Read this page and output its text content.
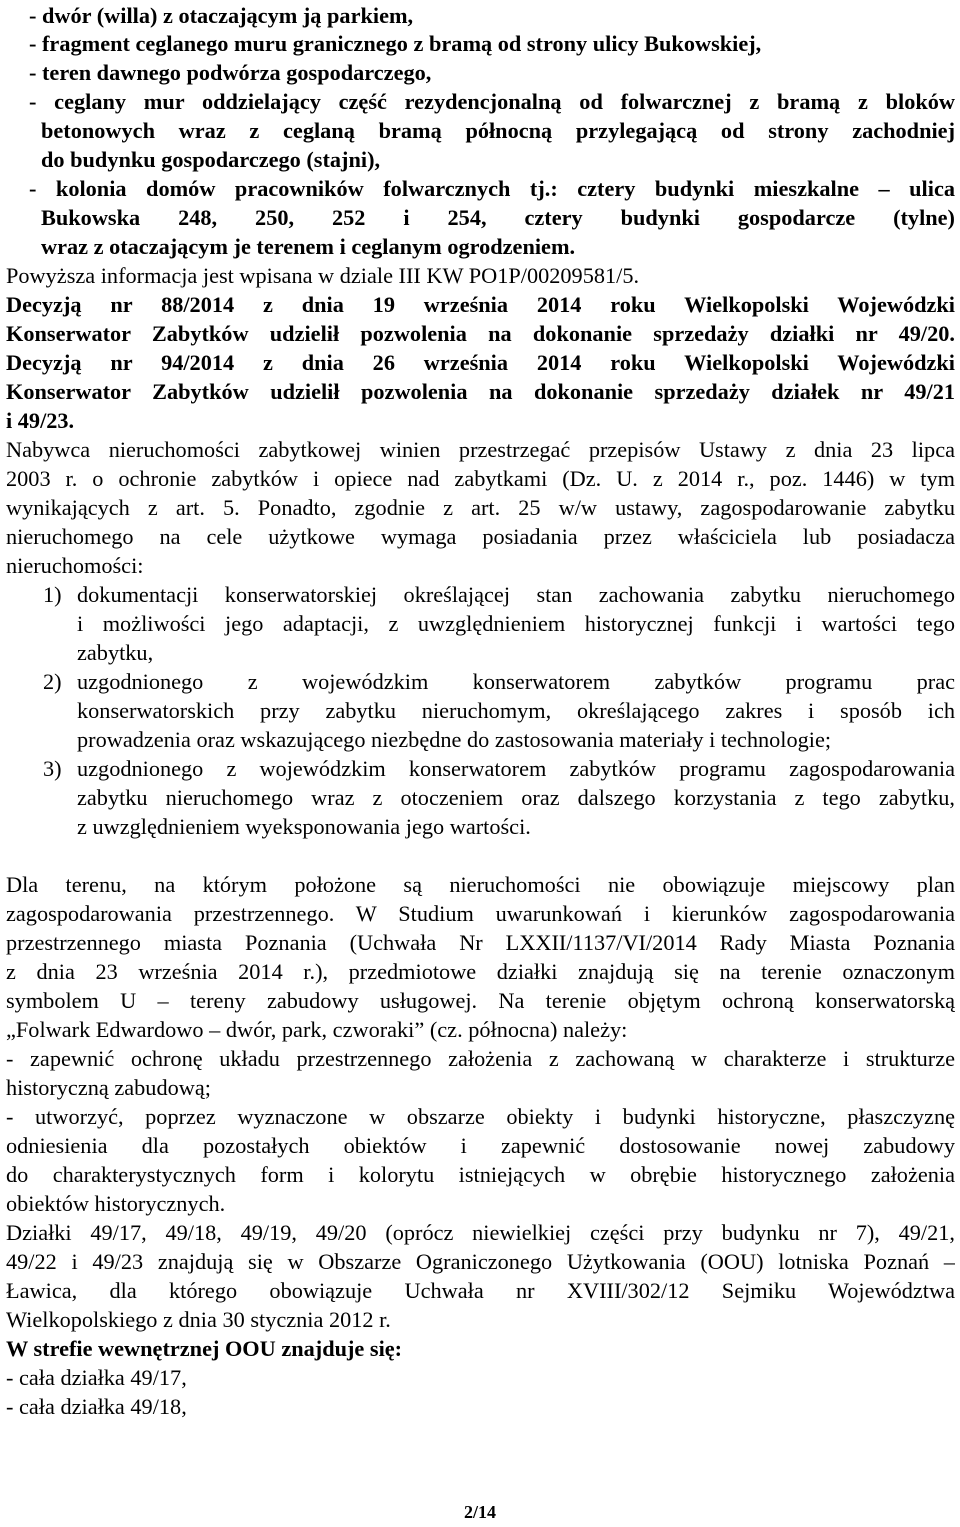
- dwór (willa) z otaczającym ją parkiem,
- fragment ceglanego muru granicznego z bramą od strony ulicy Bukowskiej,
- teren dawnego podwórza gospodarczego,
- ceglany mur oddzielający część rezydencjonalną od folwarcznej z bramą z bloków
betonowych wraz z ceglaną bramą północną przylegającą od strony zachodniej
do budynku gospodarczego (stajni),
- kolonia domów pracowników folwarcznych tj.: cztery budynki mieszkalne – ulica
Bukowska 248, 250, 252 i 254, cztery budynki gospodarcze (tylne)
wraz z otaczającym je terenem i ceglanym ogrodzeniem.
Powyższa informacja jest wpisana w dziale III KW PO1P/00209581/5.
Decyzją nr 88/2014 z dnia 19 września 2014 roku Wielkopolski Wojewódzki
Konserwator Zabytków udzielił pozwolenia na dokonanie sprzedaży działki nr 49/20.
Decyzją nr 94/2014 z dnia 26 września 2014 roku Wielkopolski Wojewódzki
Konserwator Zabytków udzielił pozwolenia na dokonanie sprzedaży działek nr 49/21
i 49/23.
Nabywca nieruchomości zabytkowej winien przestrzegać przepisów Ustawy z dnia 23 lipca
2003 r. o ochronie zabytków i opiece nad zabytkami (Dz. U. z 2014 r., poz. 1446) w tym
wynikających z art. 5. Ponadto, zgodnie z art. 25 w/w ustawy, zagospodarowanie zabytku
nieruchomego na cele użytkowe wymaga posiadania przez właściciela lub posiadacza
nieruchomości:
1) dokumentacji konserwatorskiej określającej stan zachowania zabytku nieruchomego
i możliwości jego adaptacji, z uwzględnieniem historycznej funkcji i wartości tego
zabytku,
2) uzgodnionego z wojewódzkim konserwatorem zabytków programu prac
konserwatorskich przy zabytku nieruchomym, określającego zakres i sposób ich
prowadzenia oraz wskazującego niezbędne do zastosowania materiały i technologie;
3) uzgodnionego z wojewódzkim konserwatorem zabytków programu zagospodarowania
zabytku nieruchomego wraz z otoczeniem oraz dalszego korzystania z tego zabytku,
z uwzględnieniem wyeksponowania jego wartości.
Dla terenu, na którym położone są nieruchomości nie obowiązuje miejscowy plan
zagospodarowania przestrzennego. W Studium uwarunkowań i kierunków zagospodarowania
przestrzennego miasta Poznania (Uchwała Nr LXXII/1137/VI/2014 Rady Miasta Poznania
z dnia 23 września 2014 r.), przedmiotowe działki znajdują się na terenie oznaczonym
symbolem U – tereny zabudowy usługowej. Na terenie objętym ochroną konserwatorską
„Folwark Edwardowo – dwór, park, czworaki” (cz. północna) należy:
- zapewnić ochronę układu przestrzennego założenia z zachowaną w charakterze i strukturze
historyczną zabudową;
- utworzyć, poprzez wyznaczone w obszarze obiekty i budynki historyczne, płaszczyznę
odniesienia dla pozostałych obiektów i zapewnić dostosowanie nowej zabudowy
do charakterystycznych form i kolorytu istniejących w obrębie historycznego założenia
obiektów historycznych.
Działki 49/17, 49/18, 49/19, 49/20 (oprócz niewielkiej części przy budynku nr 7), 49/21,
49/22 i 49/23 znajdują się w Obszarze Ograniczonego Użytkowania (OOU) lotniska Poznań –
Ławica, dla którego obowiązuje Uchwała nr XVIII/302/12 Sejmiku Województwa
Wielkopolskiego z dnia 30 stycznia 2012 r.
W strefie wewnętrznej OOU znajduje się:
- cała działka 49/17,
- cała działka 49/18,
2/14
